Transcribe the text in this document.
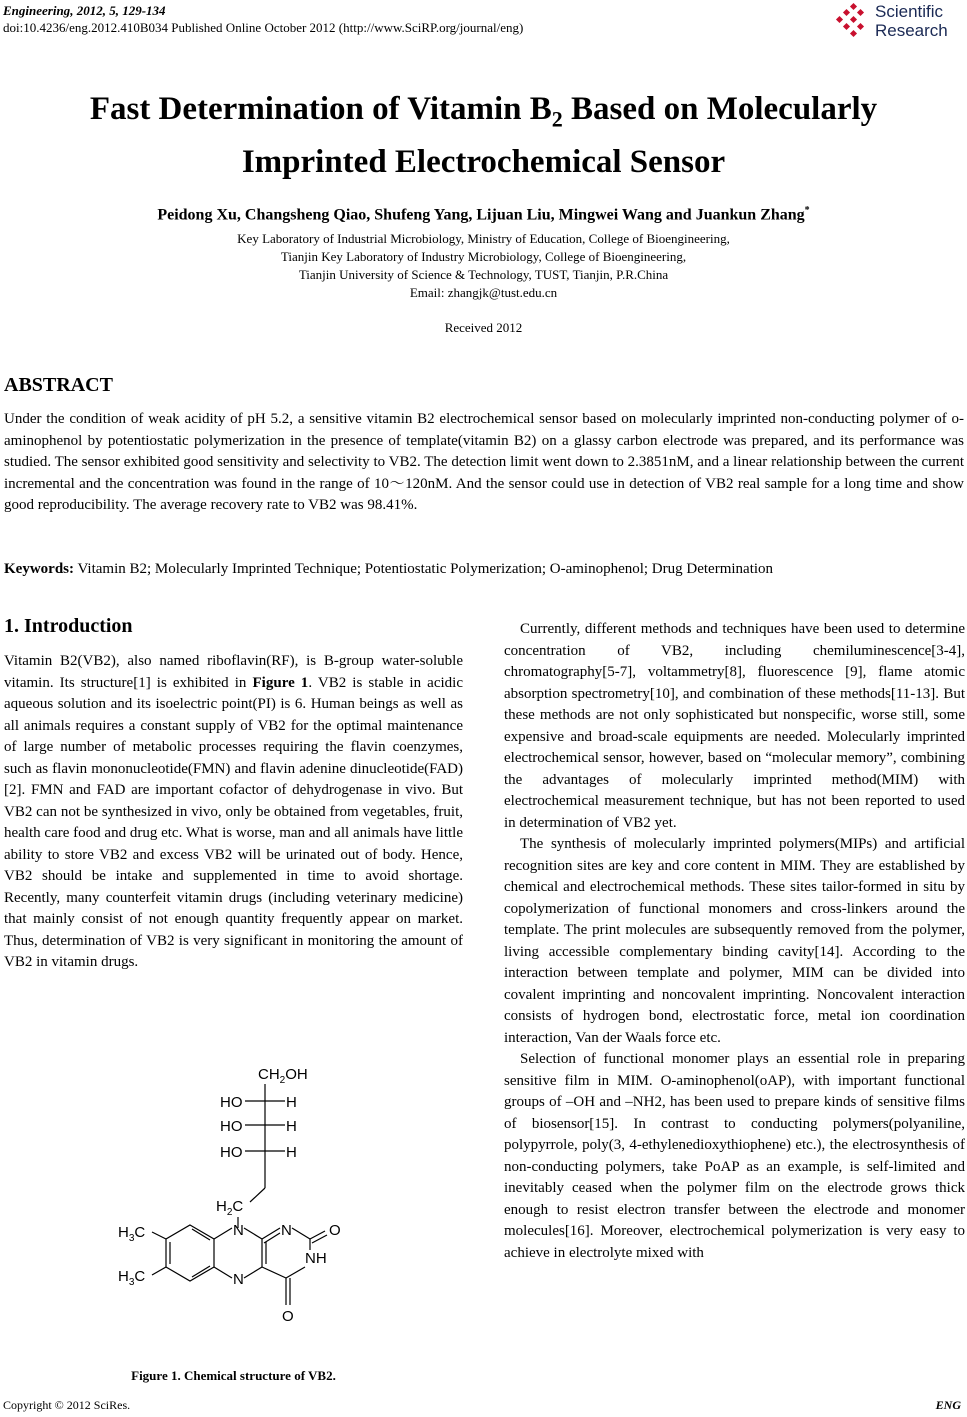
Engineering, 2012, 5, 129-134
doi:10.4236/eng.2012.410B034 Published Online October 2012 (http://www.SciRP.org/journal/eng)
Scientific
Research
Fast Determination of Vitamin $B_2$ Based on Molecularly
Imprinted Electrochemical Sensor
Peidong Xu, Changsheng Qiao, Shufeng Yang, Lijuan Liu, Mingwei Wang and Juankun Zhang*
Key Laboratory of Industrial Microbiology, Ministry of Education, College of Bioengineering,
Tianjin Key Laboratory of Industry Microbiology, College of Bioengineering,
Tianjin University of Science & Technology, TUST, Tianjin, P.R.China
Email: zhangjk@tust.edu.cn
Received 2012
ABSTRACT

Under the condition of weak acidity of pH 5.2, a sensitive vitamin B2 electrochemical sensor based on molecularly imprinted non-conducting polymer of o-aminophenol by potentiostatic polymerization in the presence of template(vitamin B2) on a glassy carbon electrode was prepared, and its performance was studied. The sensor exhibited good sensitivity and selectivity to VB2. The detection limit went down to 2.3851nM, and a linear relationship between the current incremental and the concentration was found in the range of 10～120nM. And the sensor could use in detection of VB2 real sample for a long time and show good reproducibility. The average recovery rate to VB2 was 98.41%.

Keywords: Vitamin B2; Molecularly Imprinted Technique; Potentiostatic Polymerization; O-aminophenol; Drug Determination

1. Introduction

Vitamin B2(VB2), also named riboflavin(RF), is B-group water-soluble vitamin. Its structure[1] is exhibited in Figure 1. VB2 is stable in acidic aqueous solution and its isoelectric point(PI) is 6. Human beings as well as all animals requires a constant supply of VB2 for the optimal maintenance of large number of metabolic processes requiring the flavin coenzymes, such as flavin mononucleotide(FMN) and flavin adenine dinucleotide(FAD)[2]. FMN and FAD are important cofactor of dehydrogenase in vivo. But VB2 can not be synthesized in vivo, only be obtained from vegetables, fruit, health care food and drug etc. What is worse, man and all animals have little ability to store VB2 and excess VB2 will be urinated out of body. Hence, VB2 should be intake and supplemented in time to avoid shortage. Recently, many counterfeit vitamin drugs (including veterinary medicine) that mainly consist of not enough quantity frequently appear on market. Thus, determination of VB2 is very significant in monitoring the amount of VB2 in vitamin drugs.

Currently, different methods and techniques have been used to determine concentration of VB2, including chemiluminescence[3-4], chromatography[5-7], voltammetry[8], fluorescence [9], flame atomic absorption spectrometry[10], and combination of these methods[11-13]. But these methods are not only sophisticated but nonspecific, worse still, some expensive and broad-scale equipments are needed. Molecularly imprinted electrochemical sensor, however, based on “molecular memory”, combining the advantages of molecularly imprinted method(MIM) with electrochemical measurement technique, but has not been reported to used in determination of VB2 yet.

The synthesis of molecularly imprinted polymers(MIPs) and artificial recognition sites are key and core content in MIM. They are established by chemical and electrochemical methods. These sites tailor-formed in situ by copolymerization of functional monomers and cross-linkers around the template. The print molecules are subsequently removed from the polymer, living accessible complementary binding cavity[14]. According to the interaction between template and polymer, MIM can be divided into covalent imprinting and noncovalent imprinting. Noncovalent interaction consists of hydrogen bond, electrostatic force, metal ion coordination interaction, Van der Waals force etc.

Selection of functional monomer plays an essential role in preparing sensitive film in MIM. O-aminophenol(oAP), with important functional groups of –OH and –NH2, has been used to prepare kinds of sensitive films of biosensor[15]. In contrast to conducting polymers(polyaniline, polypyrrole, poly(3, 4-ethylenedioxythiophene) etc.), the electrosynthesis of non-conducting polymers, take PoAP as an example, is self-limited and inevitably ceased when the polymer film on the electrode grows thick enough to resist electron transfer between the electrode and monomer molecules[16]. Moreover, electrochemical polymerization is very easy to achieve in electrolyte mixed with

$CH_2OH$
HO	H
HO	H
HO	H
$H_2C$
N N
N
O
NH
O
$H_3C$
$H_3C$
Figure 1. Chemical structure of VB2.
Copyright © 2012 SciRes.	ENG
